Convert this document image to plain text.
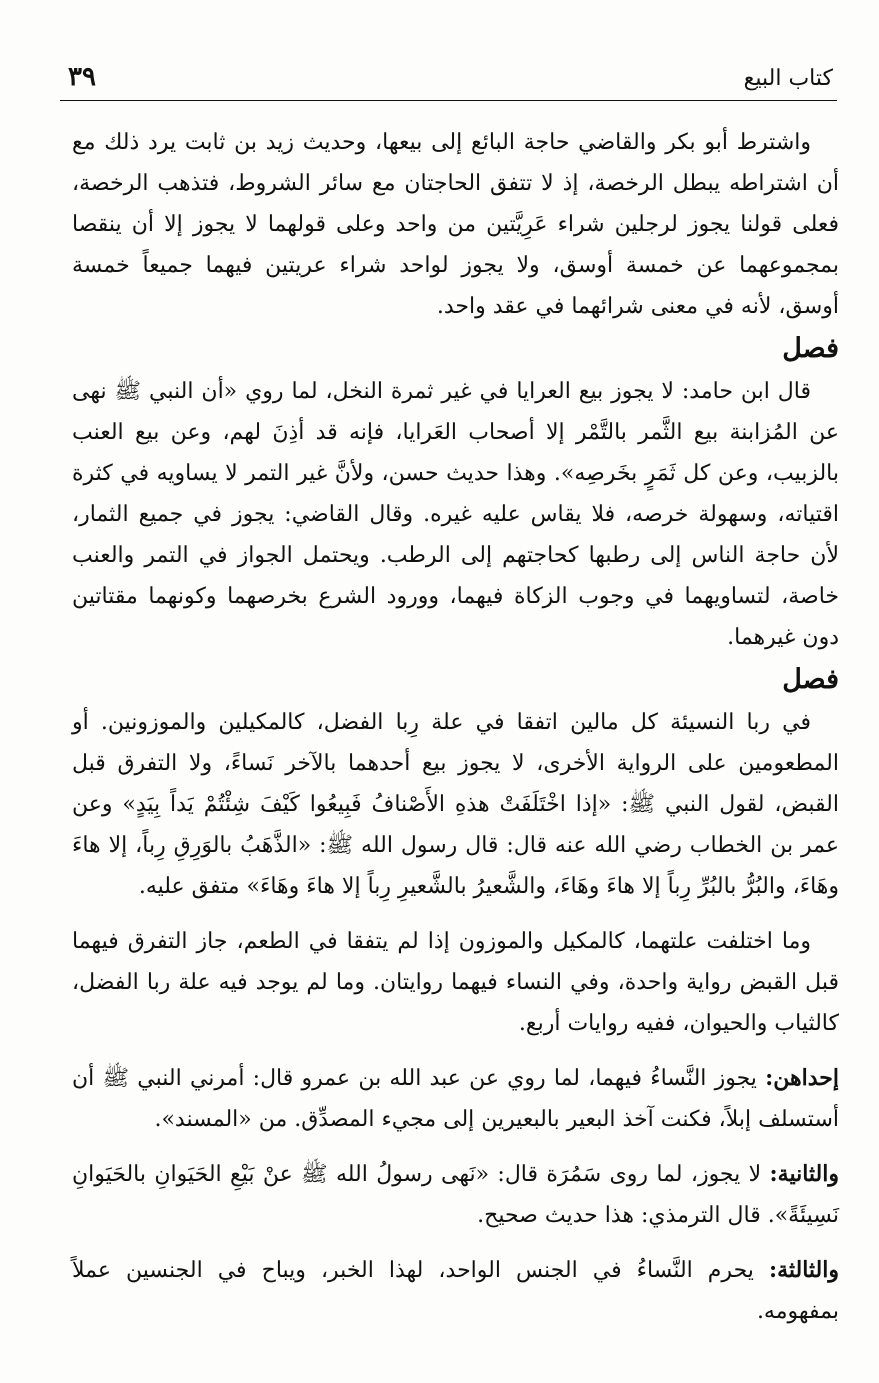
كتاب البيع
٣٩

واشترط أبو بكر والقاضي حاجة البائع إلى بيعها، وحديث زيد بن ثابت يرد ذلك مع أن اشتراطه يبطل الرخصة، إذ لا تتفق الحاجتان مع سائر الشروط، فتذهب الرخصة، فعلى قولنا يجوز لرجلين شراء عَرِيَّتين من واحد وعلى قولهما لا يجوز إلا أن ينقصا بمجموعهما عن خمسة أوسق، ولا يجوز لواحد شراء عريتين فيهما جميعاً خمسة أوسق، لأنه في معنى شرائهما في عقد واحد.

فصل

قال ابن حامد: لا يجوز بيع العرايا في غير ثمرة النخل، لما روي «أن النبي ﷺ نهى عن المُزابنة بيع الثَّمر بالتَّمْر إلا أصحاب العَرايا، فإنه قد أذِنَ لهم، وعن بيع العنب بالزبيب، وعن كل ثَمَرٍ بخَرصِه». وهذا حديث حسن، ولأنَّ غير التمر لا يساويه في كثرة اقتياته، وسهولة خرصه، فلا يقاس عليه غيره. وقال القاضي: يجوز في جميع الثمار، لأن حاجة الناس إلى رطبها كحاجتهم إلى الرطب. ويحتمل الجواز في التمر والعنب خاصة، لتساويهما في وجوب الزكاة فيهما، وورود الشرع بخرصهما وكونهما مقتاتين دون غيرهما.

فصل

في ربا النسيئة كل مالين اتفقا في علة رِبا الفضل، كالمكيلين والموزونين. أو المطعومين على الرواية الأخرى، لا يجوز بيع أحدهما بالآخر نَساءً، ولا التفرق قبل القبض، لقول النبي ﷺ: «إذا اخْتَلَفَتْ هذهِ الأَصْنافُ فَبِيعُوا كَيْفَ شِئْتُمْ يَداً بِيَدٍ» وعن عمر بن الخطاب رضي الله عنه قال: قال رسول الله ﷺ: «الذَّهَبُ بالوَرِقِ رِباً، إلا هاءَ وهَاءَ، والبُرُّ بالبُرِّ رِباً إلا هاءَ وهَاءَ، والشَّعيرُ بالشَّعيرِ رِباً إلا هاءَ وهَاءَ» متفق عليه.

وما اختلفت علتهما، كالمكيل والموزون إذا لم يتفقا في الطعم، جاز التفرق فيهما قبل القبض رواية واحدة، وفي النساء فيهما روايتان. وما لم يوجد فيه علة ربا الفضل، كالثياب والحيوان، ففيه روايات أربع.

إحداهن: يجوز النَّساءُ فيهما، لما روي عن عبد الله بن عمرو قال: أمرني النبي ﷺ أن أستسلف إبلاً، فكنت آخذ البعير بالبعيرين إلى مجيء المصدِّق. من «المسند».

والثانية: لا يجوز، لما روى سَمُرَة قال: «نَهى رسولُ الله ﷺ عنْ بَيْعِ الحَيَوانِ بالحَيَوانِ نَسِيئَةً». قال الترمذي: هذا حديث صحيح.

والثالثة: يحرم النَّساءُ في الجنس الواحد، لهذا الخبر، ويباح في الجنسين عملاً بمفهومه.
